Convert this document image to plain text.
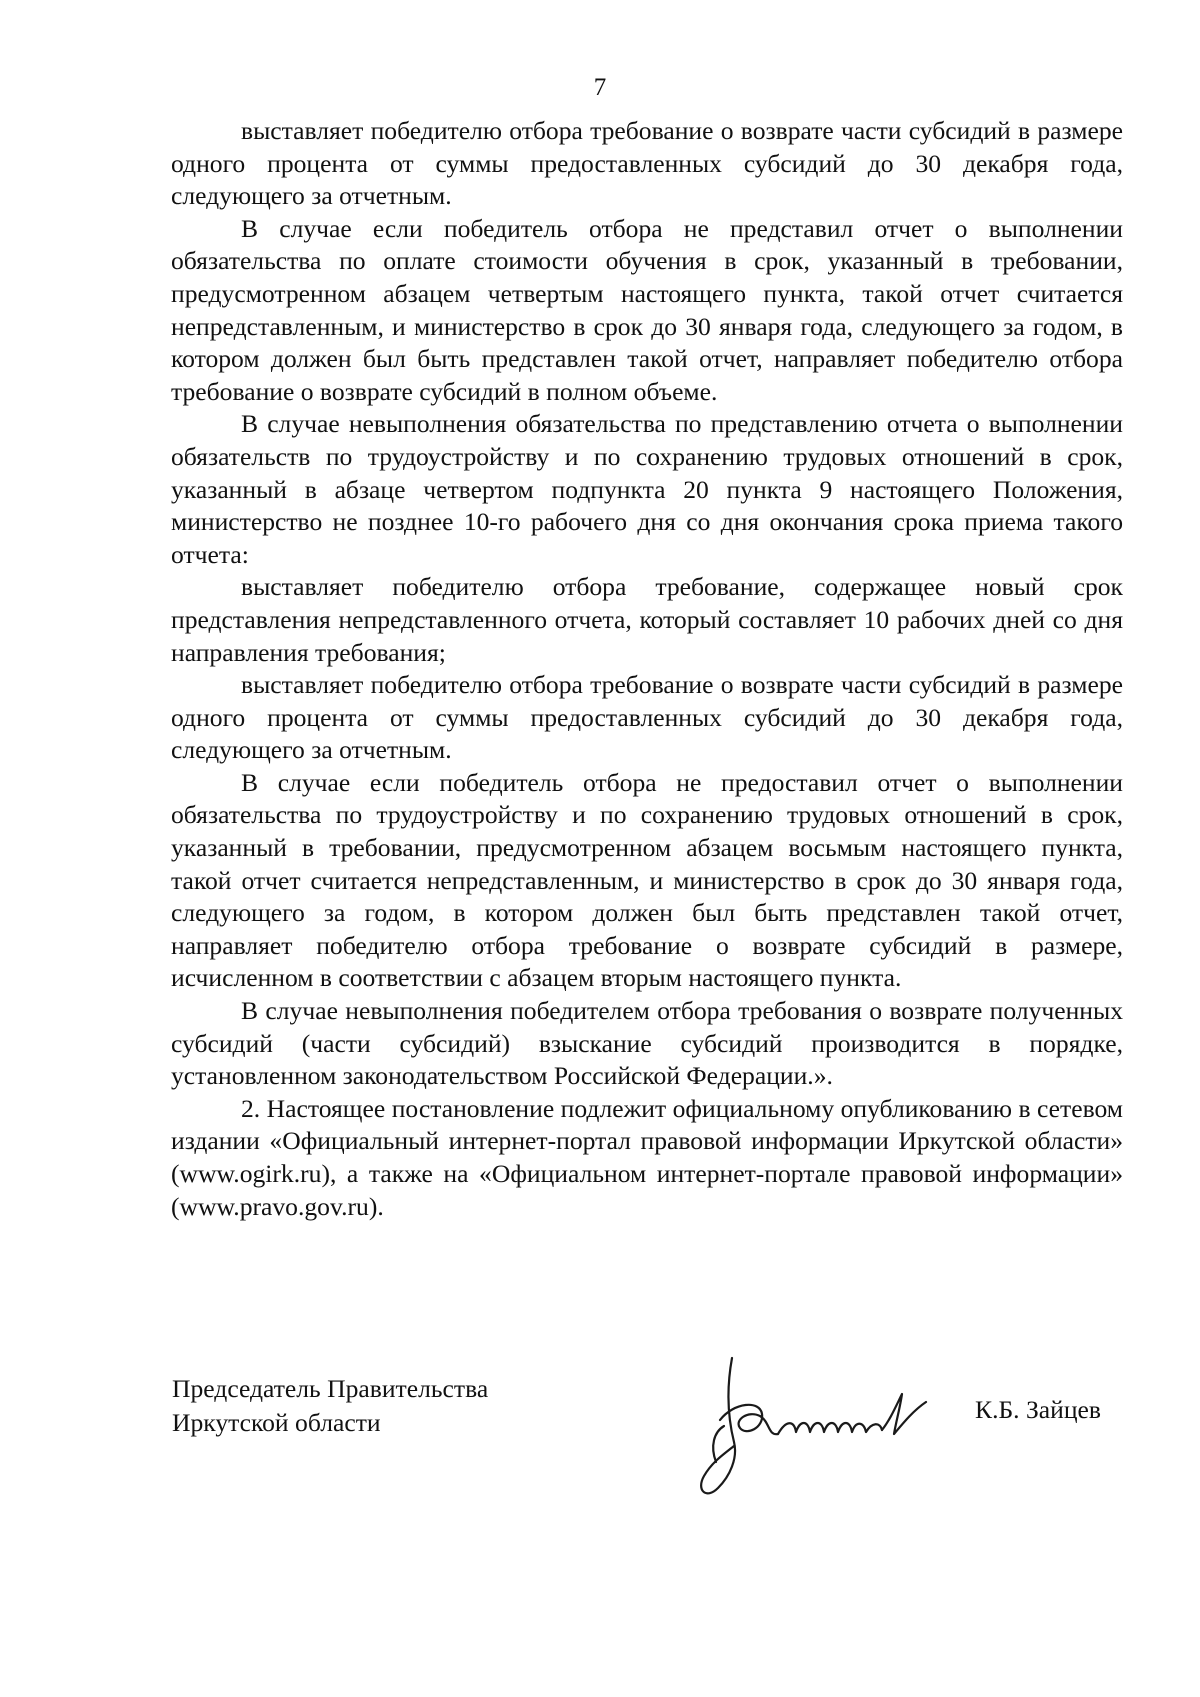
7

выставляет победителю отбора требование о возврате части субсидий в размере одного процента от суммы предоставленных субсидий до 30 декабря года, следующего за отчетным.

В случае если победитель отбора не представил отчет о выполнении обязательства по оплате стоимости обучения в срок, указанный в требовании, предусмотренном абзацем четвертым настоящего пункта, такой отчет считается непредставленным, и министерство в срок до 30 января года, следующего за годом, в котором должен был быть представлен такой отчет, направляет победителю отбора требование о возврате субсидий в полном объеме.

В случае невыполнения обязательства по представлению отчета о выполнении обязательств по трудоустройству и по сохранению трудовых отношений в срок, указанный в абзаце четвертом подпункта 20 пункта 9 настоящего Положения, министерство не позднее 10-го рабочего дня со дня окончания срока приема такого отчета:

выставляет победителю отбора требование, содержащее новый срок представления непредставленного отчета, который составляет 10 рабочих дней со дня направления требования;

выставляет победителю отбора требование о возврате части субсидий в размере одного процента от суммы предоставленных субсидий до 30 декабря года, следующего за отчетным.

В случае если победитель отбора не предоставил отчет о выполнении обязательства по трудоустройству и по сохранению трудовых отношений в срок, указанный в требовании, предусмотренном абзацем восьмым настоящего пункта, такой отчет считается непредставленным, и министерство в срок до 30 января года, следующего за годом, в котором должен был быть представлен такой отчет, направляет победителю отбора требование о возврате субсидий в размере, исчисленном в соответствии с абзацем вторым настоящего пункта.

В случае невыполнения победителем отбора требования о возврате полученных субсидий (части субсидий) взыскание субсидий производится в порядке, установленном законодательством Российской Федерации.».

2. Настоящее постановление подлежит официальному опубликованию в сетевом издании «Официальный интернет-портал правовой информации Иркутской области» (www.ogirk.ru), а также на «Официальном интернет-портале правовой информации» (www.pravo.gov.ru).

Председатель Правительства
Иркутской области	К.Б. Зайцев
